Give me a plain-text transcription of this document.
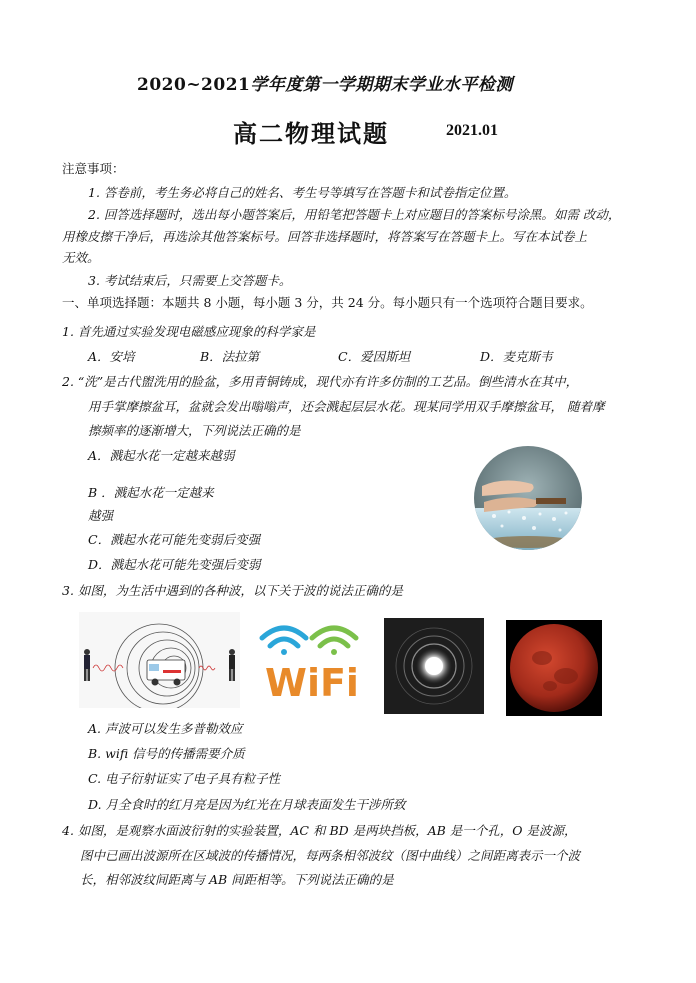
2020~2021学年度第一学期期末学业水平检测
高二物理试题	2021.01
注意事项：
1. 答卷前，考生务必将自己的姓名、考生号等填写在答题卡和试卷指定位置。
2. 回答选择题时，选出每小题答案后，用铅笔把答题卡上对应题目的答案标号涂黑。如需 改动，
用橡皮擦干净后，再选涂其他答案标号。回答非选择题时，将答案写在答题卡上。写在本试卷上
无效。
3. 考试结束后，只需要上交答题卡。
一、单项选择题：本题共 8 小题，每小题 3 分，共 24 分。每小题只有一个选项符合题目要求。
1. 首先通过实验发现电磁感应现象的科学家是
A．安培	B．法拉第	C．爱因斯坦	D．麦克斯韦
2. “洗”是古代盥洗用的脸盆，多用青铜铸成，现代亦有许多仿制的工艺品。倒些清水在其中，
用手掌摩擦盆耳，盆就会发出嗡嗡声，还会溅起层层水花。现某同学用双手摩擦盆耳， 随着摩
擦频率的逐渐增大，下列说法正确的是
A．溅起水花一定越来越弱
B ．溅起水花一定越来
越强
C．溅起水花可能先变弱后变强
D．溅起水花可能先变强后变弱
3. 如图，为生活中遇到的各种波，以下关于波的说法正确的是
WiFi
A. 声波可以发生多普勒效应
B. wifi 信号的传播需要介质
C. 电子衍射证实了电子具有粒子性
D. 月全食时的红月亮是因为红光在月球表面发生干涉所致
4. 如图，是观察水面波衍射的实验装置，AC 和 BD 是两块挡板，AB 是一个孔，O 是波源，
图中已画出波源所在区域波的传播情况，每两条相邻波纹（图中曲线）之间距离表示一个波
长，相邻波纹间距离与 AB 间距相等。下列说法正确的是
